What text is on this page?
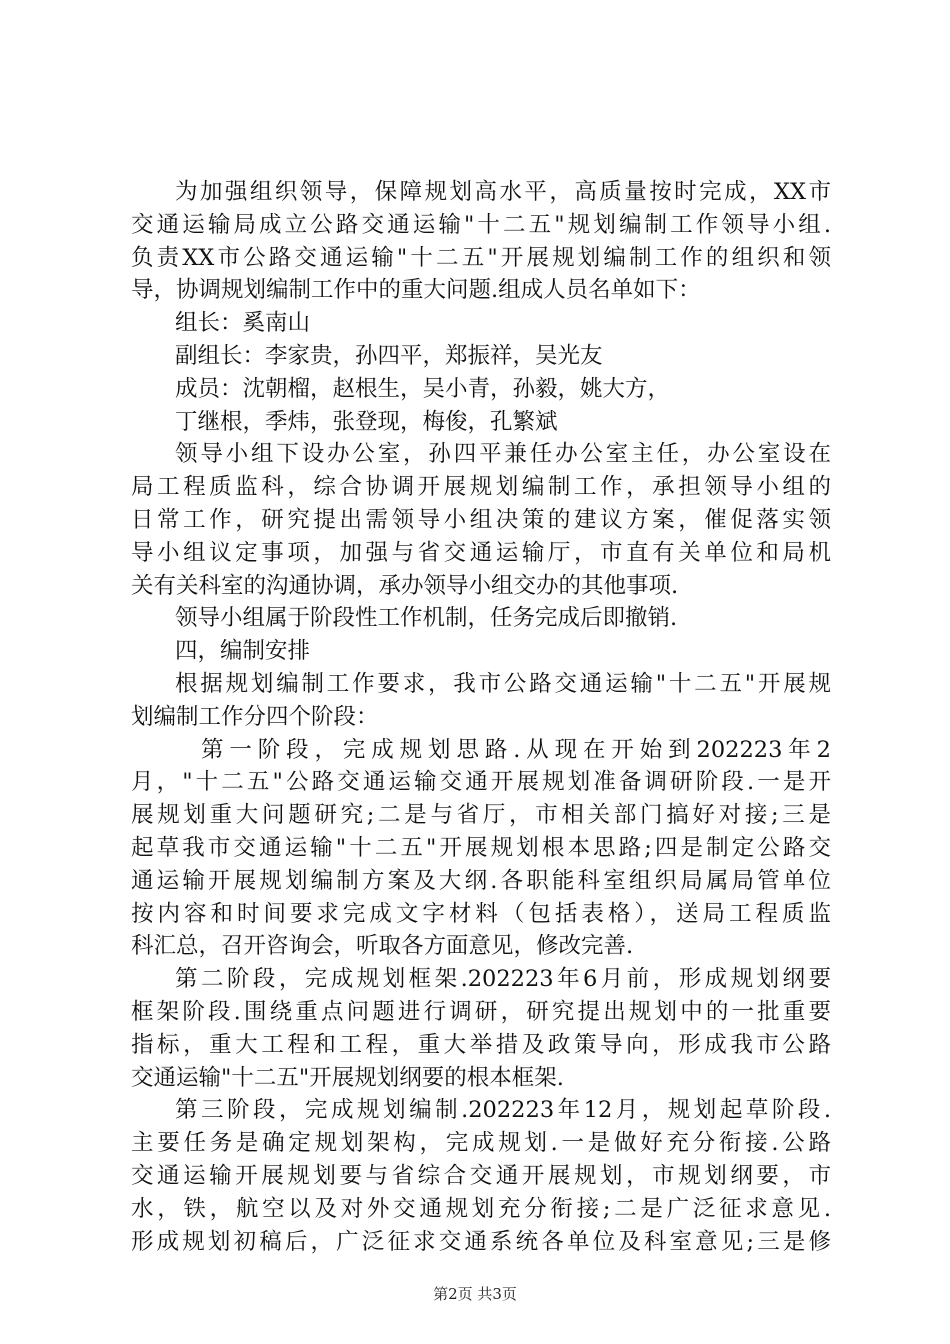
为加强组织领导，保障规划高水平，高质量按时完成，XX市
交通运输局成立公路交通运输"十二五"规划编制工作领导小组.
负责XX市公路交通运输"十二五"开展规划编制工作的组织和领
导，协调规划编制工作中的重大问题.组成人员名单如下：
组长：奚南山
副组长：李家贵，孙四平，郑振祥，吴光友
成员：沈朝榴，赵根生，吴小青，孙毅，姚大方，
丁继根，季炜，张登现，梅俊，孔繁斌
领导小组下设办公室，孙四平兼任办公室主任，办公室设在
局工程质监科，综合协调开展规划编制工作，承担领导小组的
日常工作，研究提出需领导小组决策的建议方案，催促落实领
导小组议定事项，加强与省交通运输厅，市直有关单位和局机
关有关科室的沟通协调，承办领导小组交办的其他事项.
领导小组属于阶段性工作机制，任务完成后即撤销.
四，编制安排
根据规划编制工作要求，我市公路交通运输"十二五"开展规
划编制工作分四个阶段：
第一阶段，完成规划思路.从现在开始到202223年2
月，"十二五"公路交通运输交通开展规划准备调研阶段.一是开
展规划重大问题研究;二是与省厅，市相关部门搞好对接;三是
起草我市交通运输"十二五"开展规划根本思路;四是制定公路交
通运输开展规划编制方案及大纲.各职能科室组织局属局管单位
按内容和时间要求完成文字材料（包括表格），送局工程质监
科汇总，召开咨询会，听取各方面意见，修改完善.
第二阶段，完成规划框架.202223年6月前，形成规划纲要
框架阶段.围绕重点问题进行调研，研究提出规划中的一批重要
指标，重大工程和工程，重大举措及政策导向，形成我市公路
交通运输"十二五"开展规划纲要的根本框架.
第三阶段，完成规划编制.202223年12月，规划起草阶段.
主要任务是确定规划架构，完成规划.一是做好充分衔接.公路
交通运输开展规划要与省综合交通开展规划，市规划纲要，市
水，铁，航空以及对外交通规划充分衔接;二是广泛征求意见.
形成规划初稿后，广泛征求交通系统各单位及科室意见;三是修
第2页 共3页
